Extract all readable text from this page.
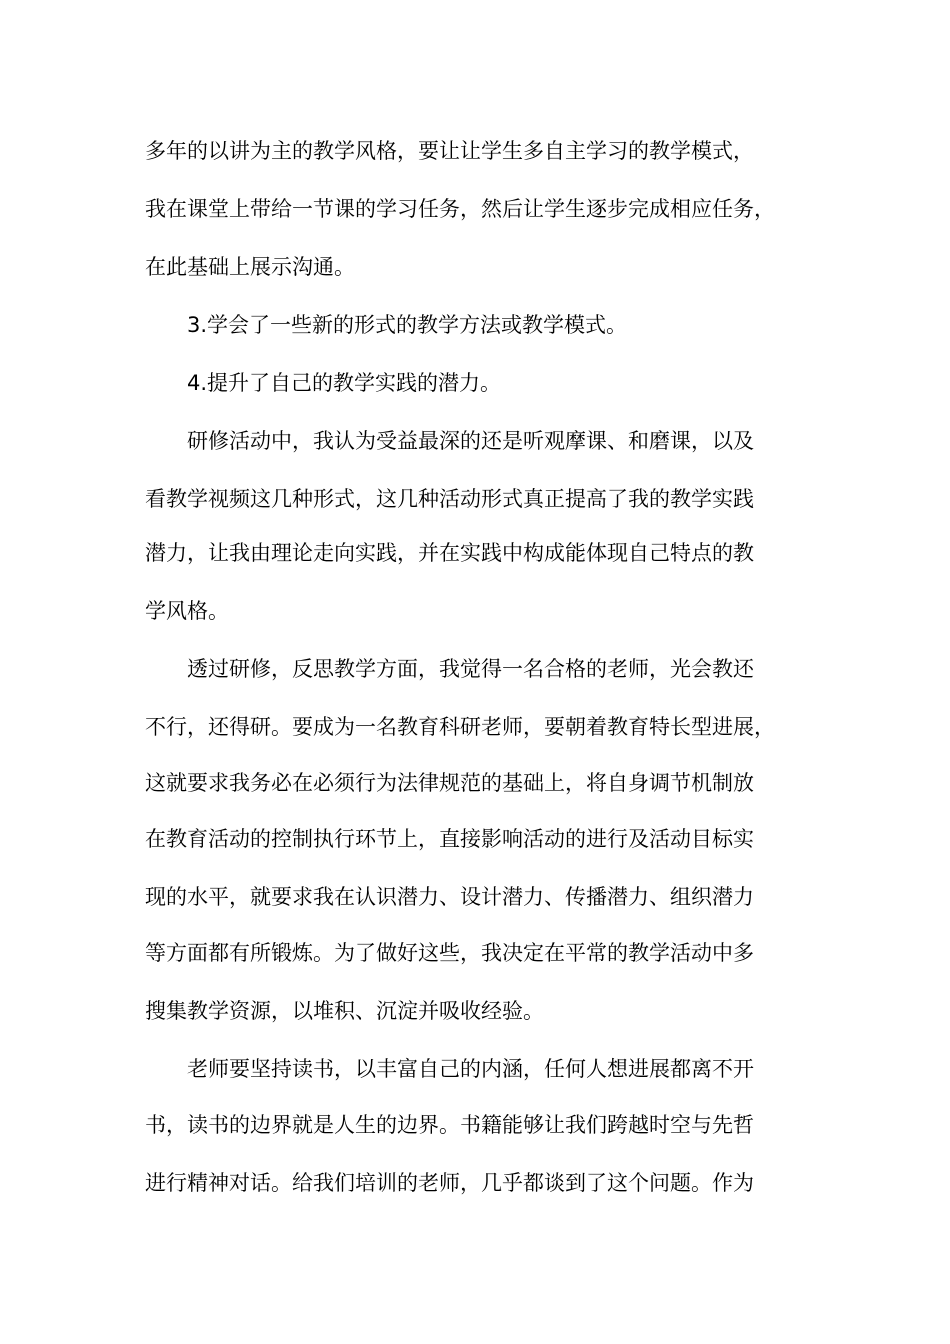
多年的以讲为主的教学风格，要让让学生多自主学习的教学模式，
我在课堂上带给一节课的学习任务，然后让学生逐步完成相应任务，
在此基础上展示沟通。
3.学会了一些新的形式的教学方法或教学模式。
4.提升了自己的教学实践的潜力。
研修活动中，我认为受益最深的还是听观摩课、和磨课，以及
看教学视频这几种形式，这几种活动形式真正提高了我的教学实践
潜力，让我由理论走向实践，并在实践中构成能体现自己特点的教
学风格。
透过研修，反思教学方面，我觉得一名合格的老师，光会教还
不行，还得研。要成为一名教育科研老师，要朝着教育特长型进展，
这就要求我务必在必须行为法律规范的基础上，将自身调节机制放
在教育活动的控制执行环节上，直接影响活动的进行及活动目标实
现的水平，就要求我在认识潜力、设计潜力、传播潜力、组织潜力
等方面都有所锻炼。为了做好这些，我决定在平常的教学活动中多
搜集教学资源，以堆积、沉淀并吸收经验。
老师要坚持读书，以丰富自己的内涵，任何人想进展都离不开
书，读书的边界就是人生的边界。书籍能够让我们跨越时空与先哲
进行精神对话。给我们培训的老师，几乎都谈到了这个问题。作为
